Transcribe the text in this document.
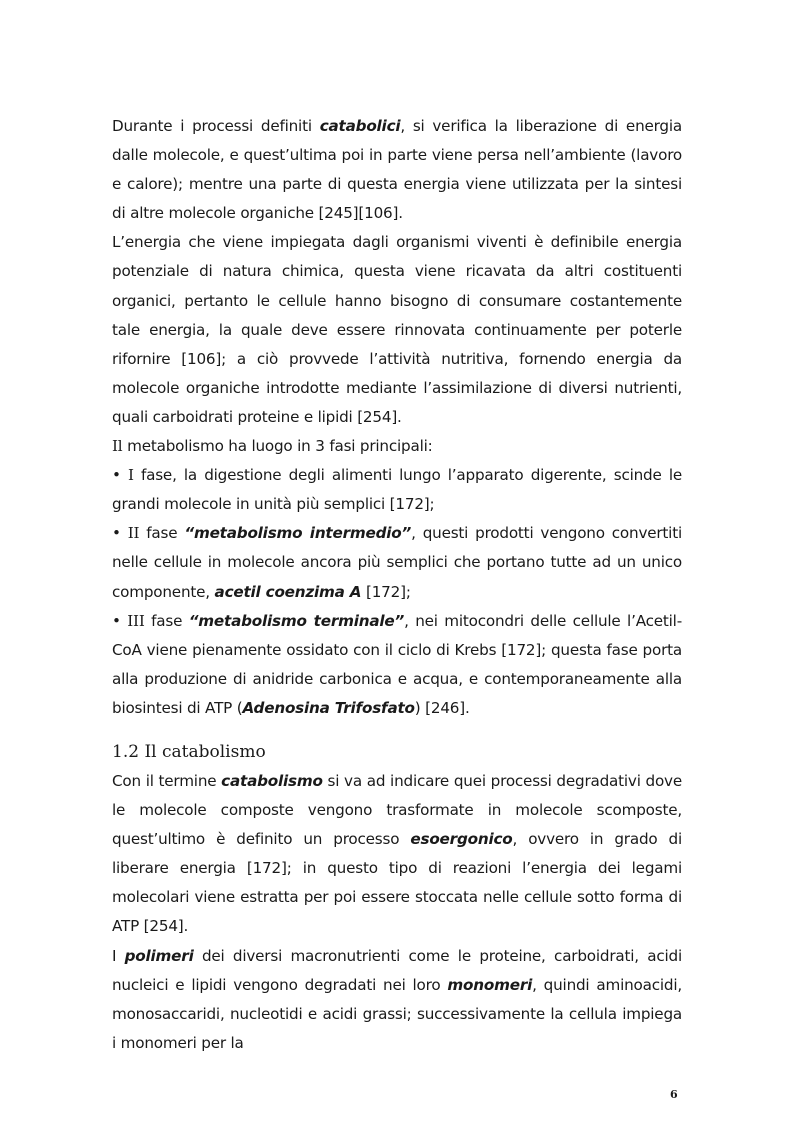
Durante i processi definiti catabolici, si verifica la liberazione di energia dalle molecole, e quest’ultima poi in parte viene persa nell’ambiente (lavoro e calore); mentre una parte di questa energia viene utilizzata per la sintesi di altre molecole organiche [245][106].

L’energia che viene impiegata dagli organismi viventi è definibile energia potenziale di natura chimica, questa viene ricavata da altri costituenti organici, pertanto le cellule hanno bisogno di consumare costantemente tale energia, la quale deve essere rinnovata continuamente per poterle rifornire [106]; a ciò provvede l’attività nutritiva, fornendo energia da molecole organiche introdotte mediante l’assimilazione di diversi nutrienti, quali carboidrati proteine e lipidi [254].

Il metabolismo ha luogo in 3 fasi principali:

• I fase, la digestione degli alimenti lungo l’apparato digerente, scinde le grandi molecole in unità più semplici [172];

• II fase “metabolismo intermedio”, questi prodotti vengono convertiti nelle cellule in molecole ancora più semplici che portano tutte ad un unico componente, acetil coenzima A [172];

• III fase “metabolismo terminale”, nei mitocondri delle cellule l’Acetil-CoA viene pienamente ossidato con il ciclo di Krebs [172]; questa fase porta alla produzione di anidride carbonica e acqua, e contemporaneamente alla biosintesi di ATP (Adenosina Trifosfato) [246].

1.2 Il catabolismo

Con il termine catabolismo si va ad indicare quei processi degradativi dove le molecole composte vengono trasformate in molecole scomposte, quest’ultimo è definito un processo esoergonico, ovvero in grado di liberare energia [172]; in questo tipo di reazioni l’energia dei legami molecolari viene estratta per poi essere stoccata nelle cellule sotto forma di ATP [254].

I polimeri dei diversi macronutrienti come le proteine, carboidrati, acidi nucleici e lipidi vengono degradati nei loro monomeri, quindi aminoacidi, monosaccaridi, nucleotidi e acidi grassi; successivamente la cellula impiega i monomeri per la

6
